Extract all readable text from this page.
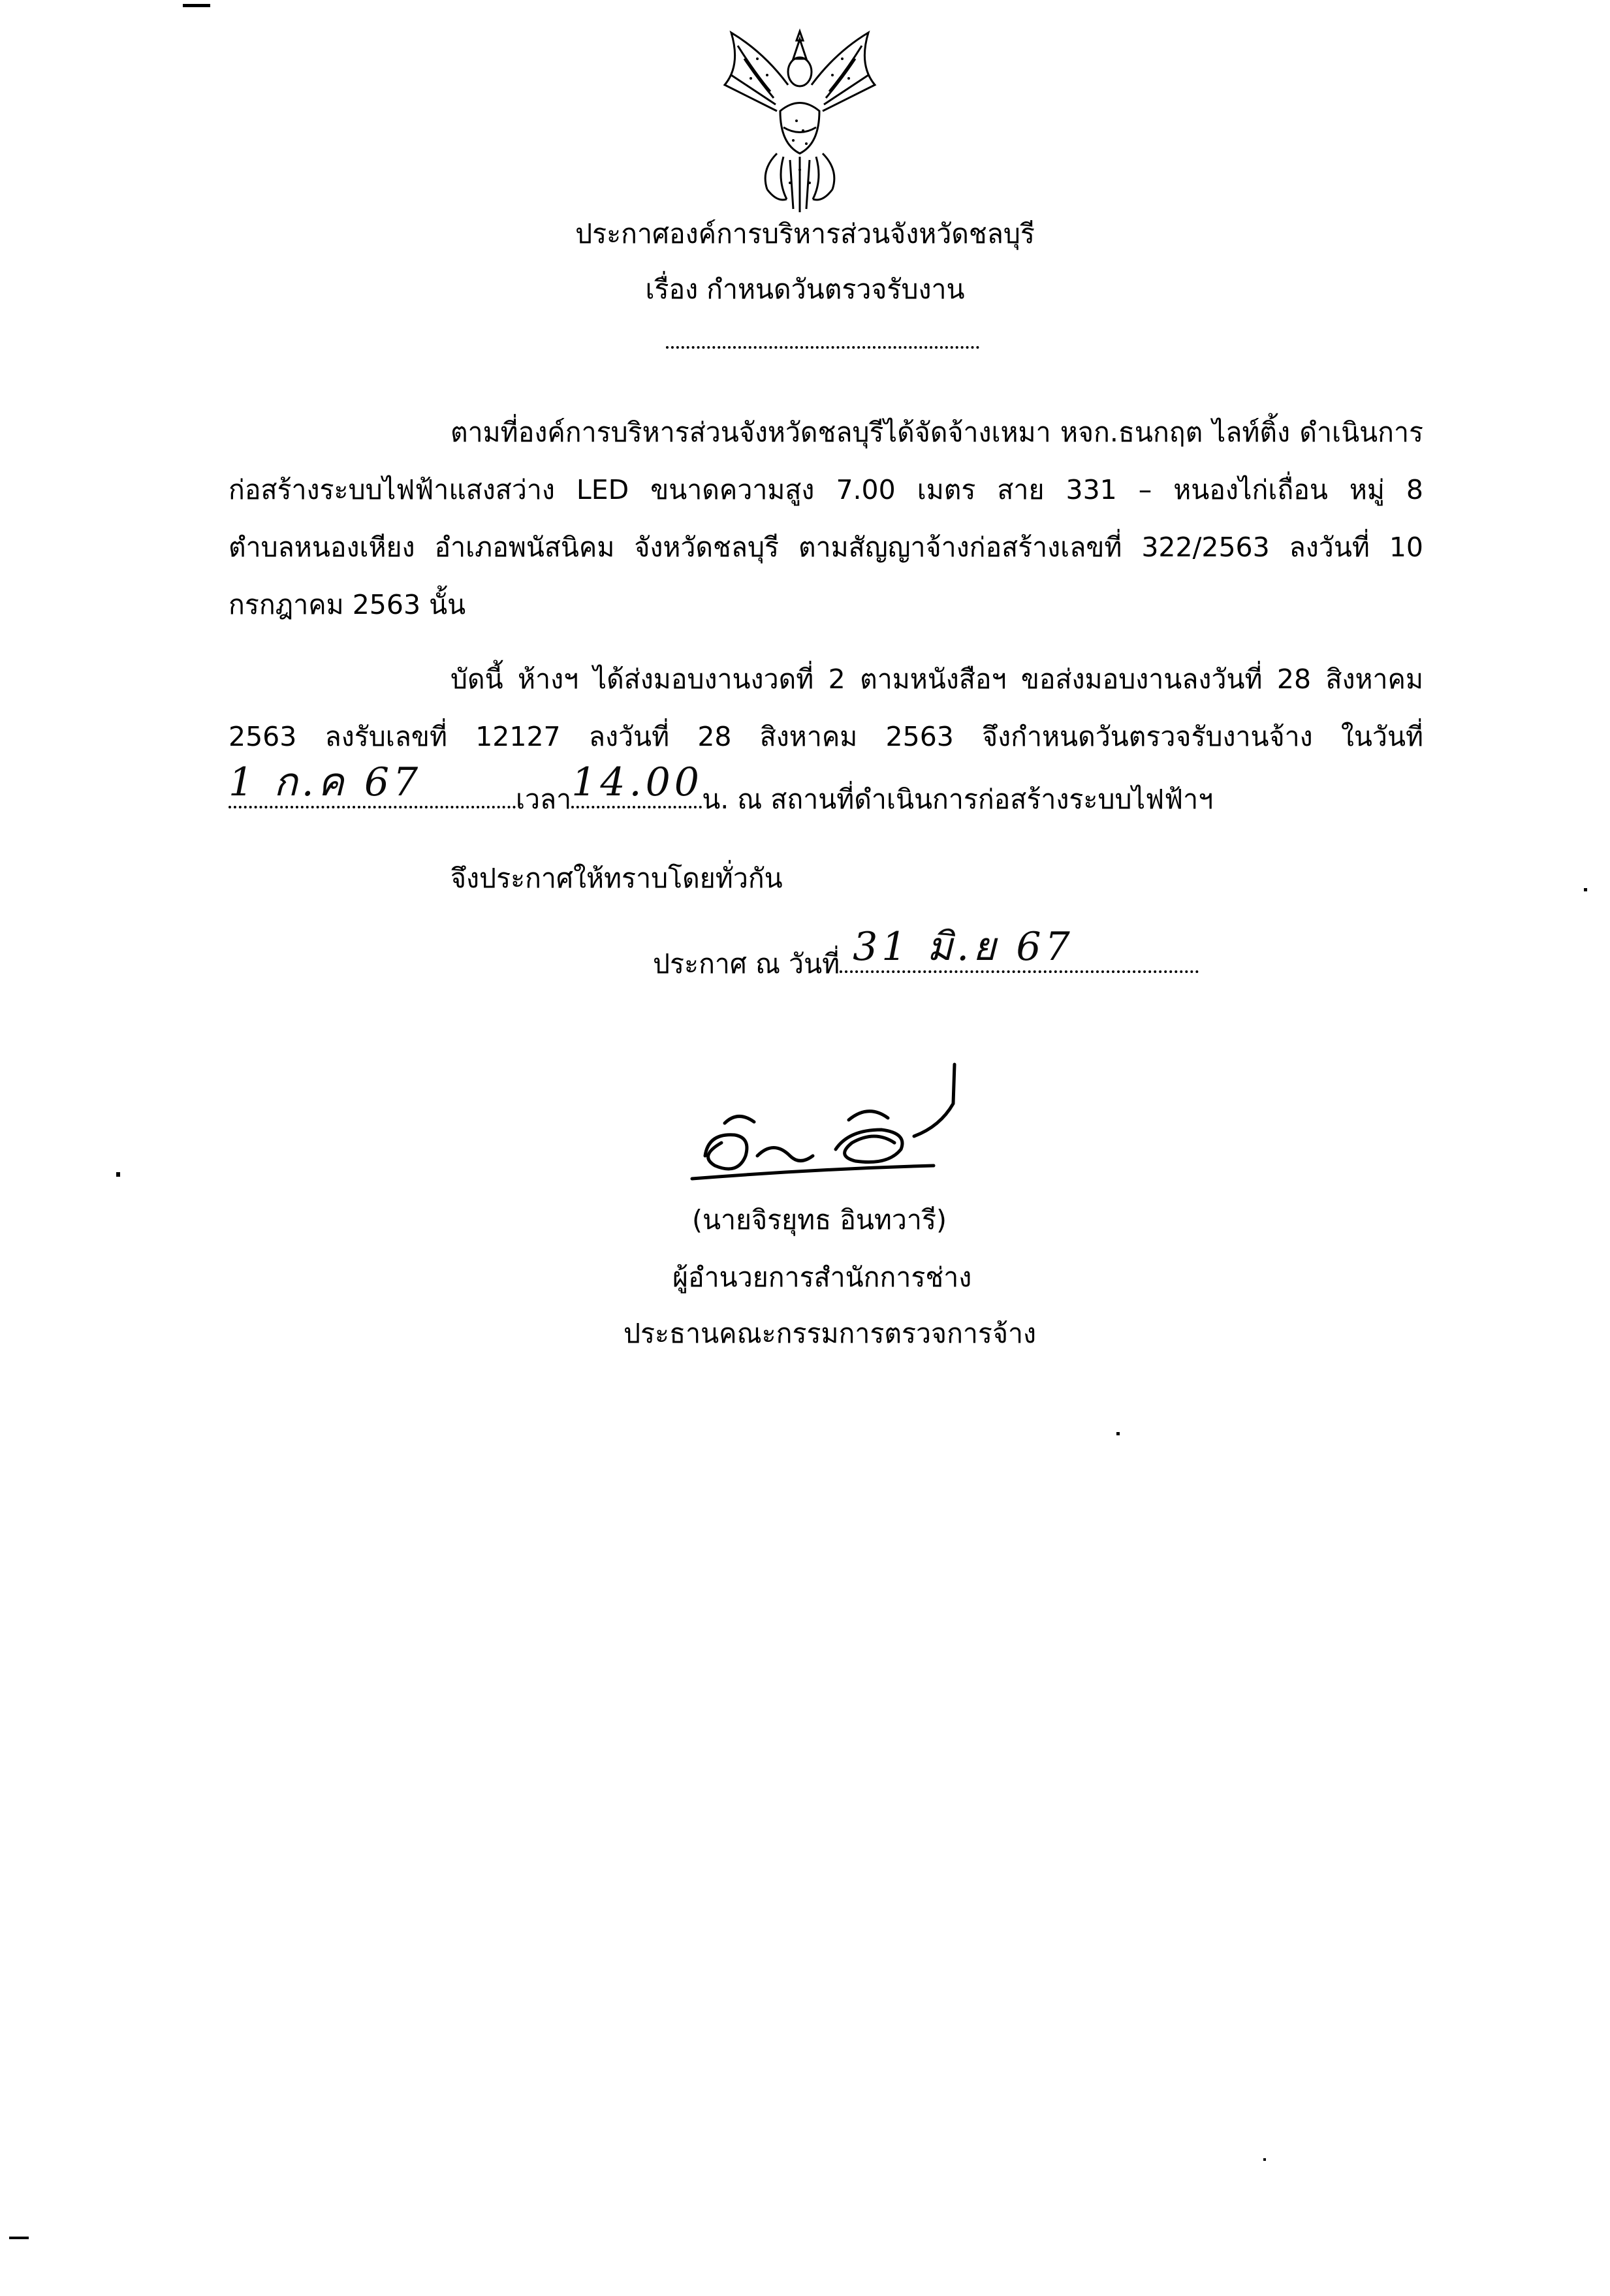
ประกาศองค์การบริหารส่วนจังหวัดชลบุรี
เรื่อง กำหนดวันตรวจรับงาน
ตามที่องค์การบริหารส่วนจังหวัดชลบุรีได้จัดจ้างเหมา หจก.ธนกฤต ไลท์ติ้ง ดำเนินการ
ก่อสร้างระบบไฟฟ้าแสงสว่าง LED ขนาดความสูง 7.00 เมตร สาย 331 – หนองไก่เถื่อน หมู่ 8
ตำบลหนองเหียง อำเภอพนัสนิคม จังหวัดชลบุรี ตามสัญญาจ้างก่อสร้างเลขที่ 322/2563 ลงวันที่ 10
กรกฎาคม 2563 นั้น
บัดนี้ ห้างฯ ได้ส่งมอบงานงวดที่ 2 ตามหนังสือฯ ขอส่งมอบงานลงวันที่ 28 สิงหาคม
2563 ลงรับเลขที่ 12127 ลงวันที่ 28 สิงหาคม 2563 จึงกำหนดวันตรวจรับงานจ้าง ในวันที่
1 ก.ค 67	เวลา 14.00
น. ณ สถานที่ดำเนินการก่อสร้างระบบไฟฟ้าฯ
จึงประกาศให้ทราบโดยทั่วกัน
ประกาศ ณ วันที่ 31 มิ.ย 67
(นายจิรยุทธ อินทวารี)
ผู้อำนวยการสำนักการช่าง
ประธานคณะกรรมการตรวจการจ้าง
